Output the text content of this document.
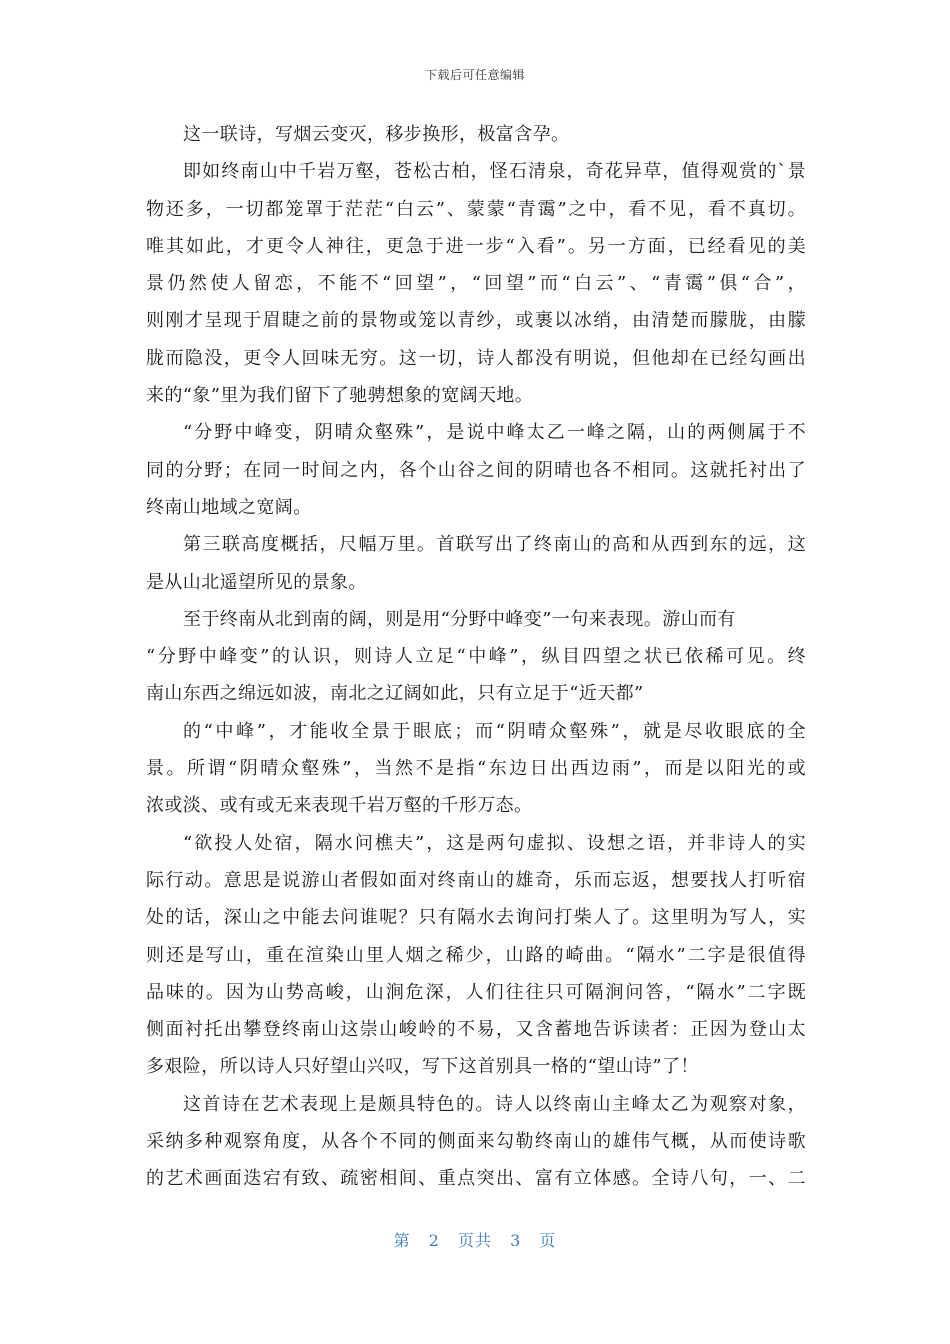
下载后可任意编辑
这一联诗，写烟云变灭，移步换形，极富含孕。
即如终南山中千岩万壑，苍松古柏，怪石清泉，奇花异草，值得观赏的`景
物还多，一切都笼罩于茫茫“白云”、蒙蒙“青霭”之中，看不见，看不真切。
唯其如此，才更令人神往，更急于进一步“入看”。另一方面，已经看见的美
景仍然使人留恋，不能不“回望”，“回望”而“白云”、“青霭”俱“合”，
则刚才呈现于眉睫之前的景物或笼以青纱，或裹以冰绡，由清楚而朦胧，由朦
胧而隐没，更令人回味无穷。这一切，诗人都没有明说，但他却在已经勾画出
来的“象”里为我们留下了驰骋想象的宽阔天地。
“分野中峰变，阴晴众壑殊”，是说中峰太乙一峰之隔，山的两侧属于不
同的分野；在同一时间之内，各个山谷之间的阴晴也各不相同。这就托衬出了
终南山地域之宽阔。
第三联高度概括，尺幅万里。首联写出了终南山的高和从西到东的远，这
是从山北遥望所见的景象。
至于终南从北到南的阔，则是用“分野中峰变”一句来表现。游山而有
“分野中峰变”的认识，则诗人立足“中峰”，纵目四望之状已依稀可见。终
南山东西之绵远如波，南北之辽阔如此，只有立足于“近天都”
的“中峰”，才能收全景于眼底；而“阴晴众壑殊”，就是尽收眼底的全
景。所谓“阴晴众壑殊”，当然不是指“东边日出西边雨”，而是以阳光的或
浓或淡、或有或无来表现千岩万壑的千形万态。
“欲投人处宿，隔水问樵夫”，这是两句虚拟、设想之语，并非诗人的实
际行动。意思是说游山者假如面对终南山的雄奇，乐而忘返，想要找人打听宿
处的话，深山之中能去问谁呢？只有隔水去询问打柴人了。这里明为写人，实
则还是写山，重在渲染山里人烟之稀少，山路的崎曲。“隔水”二字是很值得
品味的。因为山势高峻，山涧危深，人们往往只可隔涧问答，“隔水”二字既
侧面衬托出攀登终南山这崇山峻岭的不易，又含蓄地告诉读者：正因为登山太
多艰险，所以诗人只好望山兴叹，写下这首别具一格的“望山诗”了！
这首诗在艺术表现上是颇具特色的。诗人以终南山主峰太乙为观察对象，
采纳多种观察角度，从各个不同的侧面来勾勒终南山的雄伟气概，从而使诗歌
的艺术画面迭宕有致、疏密相间、重点突出、富有立体感。全诗八句，一、二
第 2 页共 3 页
